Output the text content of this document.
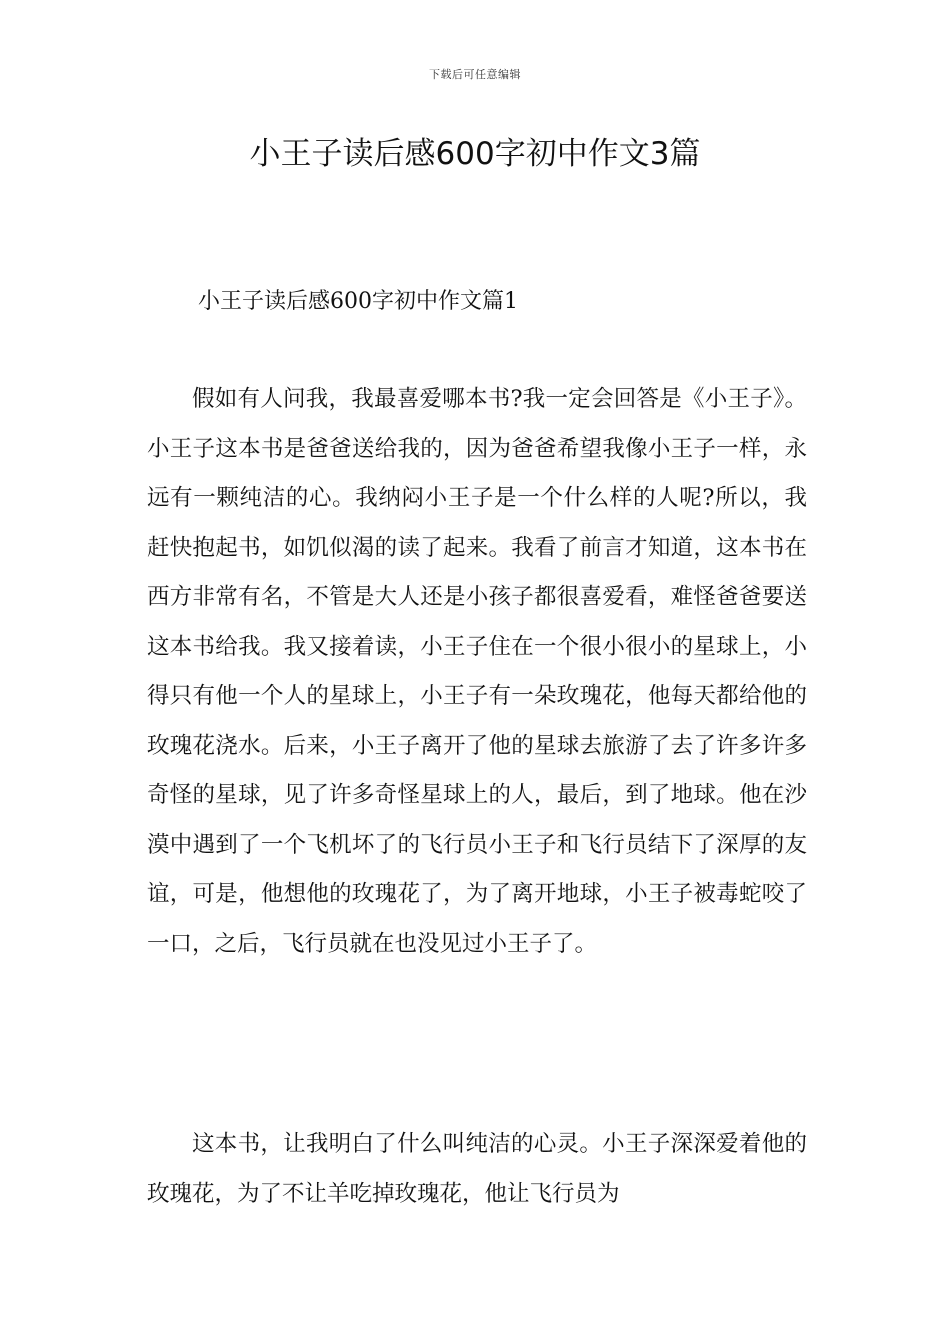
下载后可任意编辑
小王子读后感600字初中作文3篇
小王子读后感600字初中作文篇1

假如有人问我，我最喜爱哪本书?我一定会回答是《小王子》。小王子这本书是爸爸送给我的，因为爸爸希望我像小王子一样，永远有一颗纯洁的心。我纳闷小王子是一个什么样的人呢?所以，我赶快抱起书，如饥似渴的读了起来。我看了前言才知道，这本书在西方非常有名，不管是大人还是小孩子都很喜爱看，难怪爸爸要送这本书给我。我又接着读，小王子住在一个很小很小的星球上，小得只有他一个人的星球上，小王子有一朵玫瑰花，他每天都给他的玫瑰花浇水。后来，小王子离开了他的星球去旅游了去了许多许多奇怪的星球，见了许多奇怪星球上的人，最后，到了地球。他在沙漠中遇到了一个飞机坏了的飞行员小王子和飞行员结下了深厚的友谊，可是，他想他的玫瑰花了，为了离开地球，小王子被毒蛇咬了一口，之后，飞行员就在也没见过小王子了。

这本书，让我明白了什么叫纯洁的心灵。小王子深深爱着他的玫瑰花，为了不让羊吃掉玫瑰花，他让飞行员为
